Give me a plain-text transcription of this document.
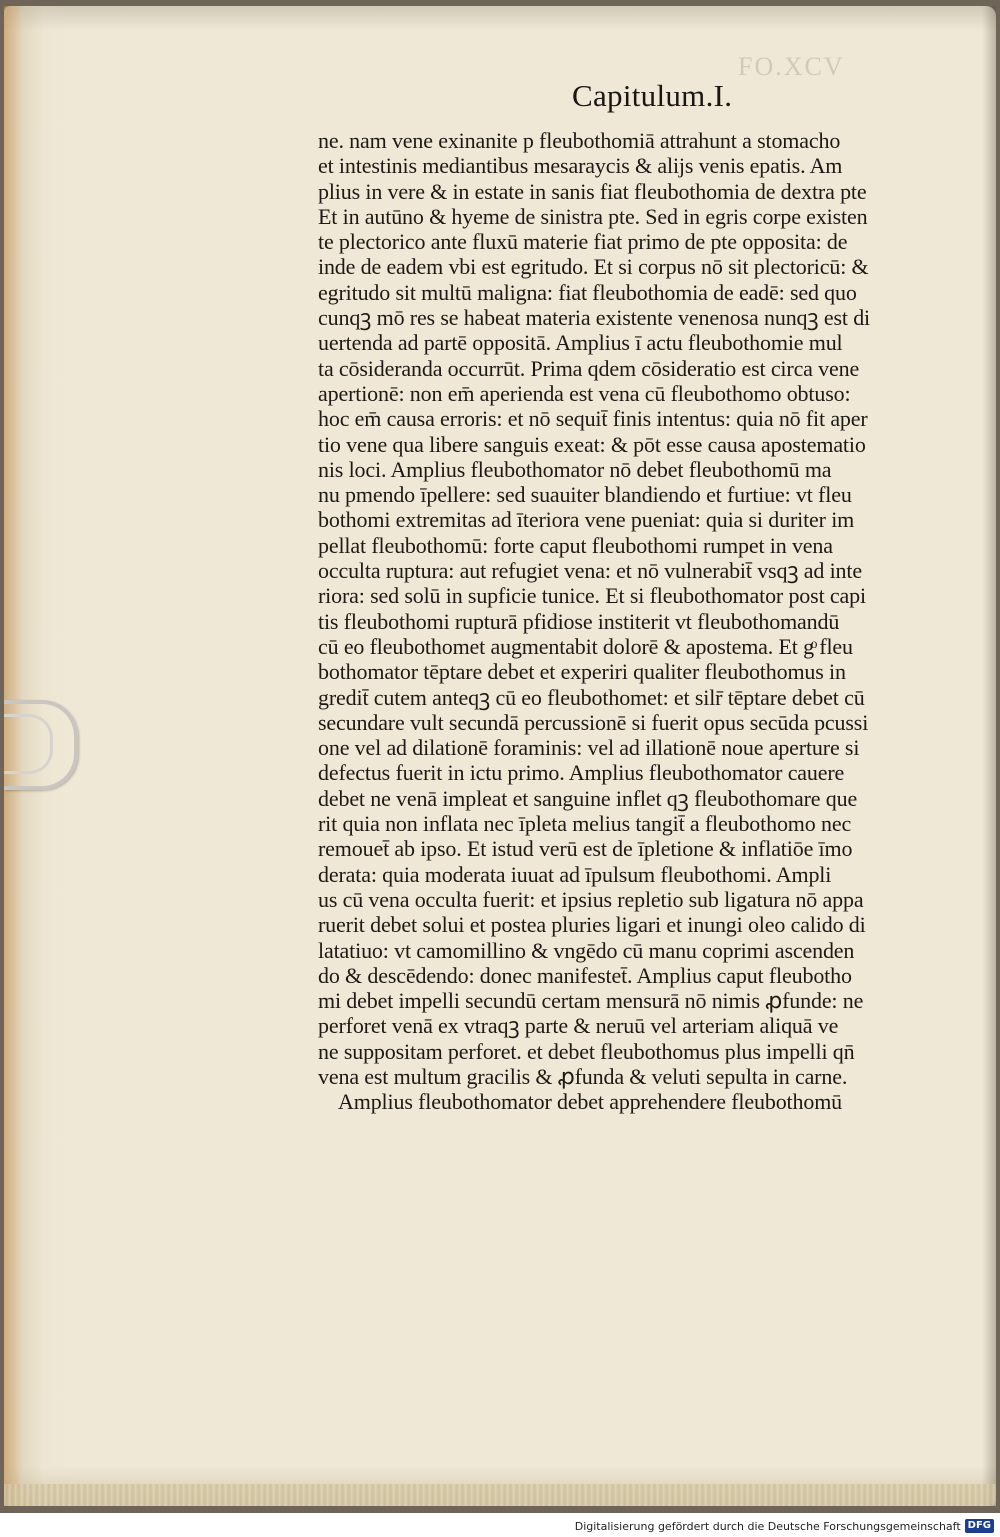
FO.XCV
Capitulum.I.
ne. nam vene exinanite p fleubothomiā attrahunt a stomacho
et intestinis mediantibus mesaraycis & alijs venis epatis. Am
plius in vere & in estate in sanis fiat fleubothomia de dextra pte
Et in autūno & hyeme de sinistra pte. Sed in egris corpe existen
te plectorico ante fluxū materie fiat primo de pte opposita: de
inde de eadem vbi est egritudo. Et si corpus nō sit plectoricū: &
egritudo sit multū maligna: fiat fleubothomia de eadē: sed quo
cunqꝫ mō res se habeat materia existente venenosa nunqꝫ est di
uertenda ad partē oppositā. Amplius ī actu fleubothomie mul
ta cōsideranda occurrūt. Prima qdem cōsideratio est circa vene
apertionē: non em̄ aperienda est vena cū fleubothomo obtuso:
hoc em̄ causa erroris: et nō sequit̄ finis intentus: quia nō fit aper
tio vene qua libere sanguis exeat: & pōt esse causa apostematio
nis loci. Amplius fleubothomator nō debet fleubothomū ma
nu pmendo īpellere: sed suauiter blandiendo et furtiue: vt fleu
bothomi extremitas ad īteriora vene pueniat: quia si duriter im
pellat fleubothomū: forte caput fleubothomi rumpet in vena
occulta ruptura: aut refugiet vena: et nō vulnerabit̄ vsqꝫ ad inte
riora: sed solū in supficie tunice. Et si fleubothomator post capi
tis fleubothomi rupturā pfidiose institerit vt fleubothomandū
cū eo fleubothomet augmentabit dolorē & apostema. Et gͦ fleu
bothomator tēptare debet et experiri qualiter fleubothomus in
gredit̄ cutem anteqꝫ cū eo fleubothomet: et silr̄ tēptare debet cū
secundare vult secundā percussionē si fuerit opus secūda pcussi
one vel ad dilationē foraminis: vel ad illationē noue aperture si
defectus fuerit in ictu primo. Amplius fleubothomator cauere
debet ne venā impleat et sanguine inflet qꝫ fleubothomare que
rit quia non inflata nec īpleta melius tangit̄ a fleubothomo nec
remouet̄ ab ipso. Et istud verū est de īpletione & inflatiōe īmo
derata: quia moderata iuuat ad īpulsum fleubothomi. Ampli
us cū vena occulta fuerit: et ipsius repletio sub ligatura nō appa
ruerit debet solui et postea pluries ligari et inungi oleo calido di
latatiuo: vt camomillino & vngēdo cū manu coprimi ascenden
do & descēdendo: donec manifestet̄. Amplius caput fleubotho
mi debet impelli secundū certam mensurā nō nimis ꝓfunde: ne
perforet venā ex vtraqꝫ parte & neruū vel arteriam aliquā ve
ne suppositam perforet. et debet fleubothomus plus impelli qn̄
vena est multum gracilis & ꝓfunda & veluti sepulta in carne.
Amplius fleubothomator debet apprehendere fleubothomū
Digitalisierung gefördert durch die Deutsche Forschungsgemeinschaft DFG
